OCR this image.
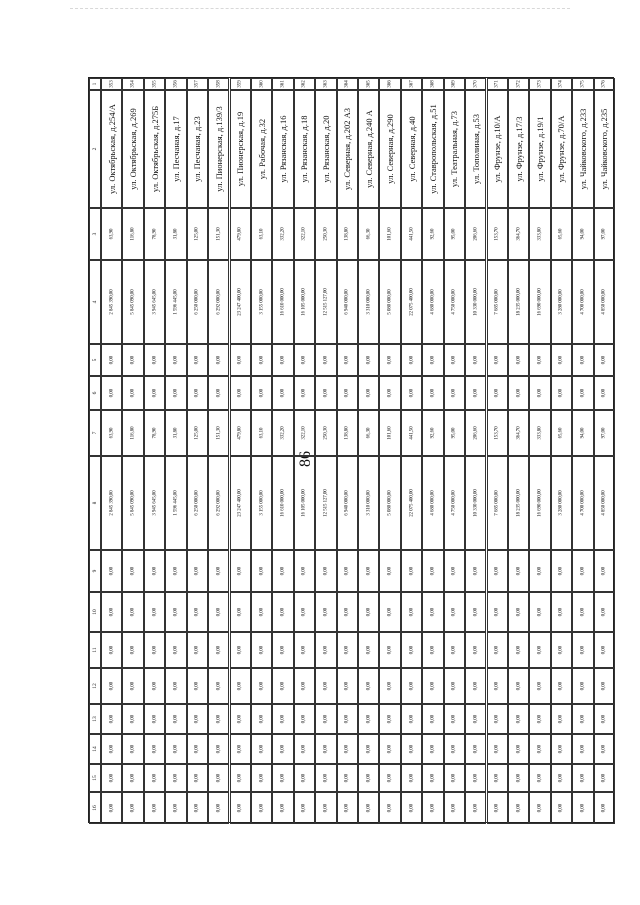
86
1
2
3
4
5
6
7
8
9
10
11
12
13
14
15
16
353
ул. Октябрьская, д.254/А
63,90
2 845 390,00
0,00
0,00
63,90
2 845 390,00
0,00
0,00
0,00
0,00
0,00
0,00
0,00
0,00
354
ул. Октябрьская, д.269
116,80
5 845 090,00
0,00
0,00
116,80
5 845 090,00
0,00
0,00
0,00
0,00
0,00
0,00
0,00
0,00
355
ул. Октябрьская, д.275Б
78,90
3 945 645,00
0,00
0,00
78,90
3 945 645,00
0,00
0,00
0,00
0,00
0,00
0,00
0,00
0,00
356
ул. Песчаная, д.17
31,80
1 596 445,00
0,00
0,00
31,80
1 596 445,00
0,00
0,00
0,00
0,00
0,00
0,00
0,00
0,00
357
ул. Песчаная, д.23
125,00
6 250 000,00
0,00
0,00
125,00
6 250 000,00
0,00
0,00
0,00
0,00
0,00
0,00
0,00
0,00
358
ул. Пионерская, д.139/3
151,30
6 292 000,00
0,00
0,00
151,30
6 292 000,00
0,00
0,00
0,00
0,00
0,00
0,00
0,00
0,00
359
ул. Пионерская, д.19
479,80
23 247 400,00
0,00
0,00
479,80
23 247 400,00
0,00
0,00
0,00
0,00
0,00
0,00
0,00
0,00
360
ул. Рабочая, д.32
63,10
3 155 000,00
0,00
0,00
63,10
3 155 000,00
0,00
0,00
0,00
0,00
0,00
0,00
0,00
0,00
361
ул. Рязанская, д.16
332,20
16 610 000,00
0,00
0,00
332,20
16 610 000,00
0,00
0,00
0,00
0,00
0,00
0,00
0,00
0,00
362
ул. Рязанская, д.18
322,10
16 105 000,00
0,00
0,00
322,10
16 105 000,00
0,00
0,00
0,00
0,00
0,00
0,00
0,00
0,00
363
ул. Рязанская, д.20
250,30
12 515 127,00
0,00
0,00
250,30
12 515 127,00
0,00
0,00
0,00
0,00
0,00
0,00
0,00
0,00
364
ул. Северная, д.202 А3
138,80
6 940 000,00
0,00
0,00
138,80
6 940 000,00
0,00
0,00
0,00
0,00
0,00
0,00
0,00
0,00
365
ул. Северная, д.240 А
66,30
3 310 000,00
0,00
0,00
66,30
3 310 000,00
0,00
0,00
0,00
0,00
0,00
0,00
0,00
0,00
366
ул. Северная, д.290
101,60
5 080 000,00
0,00
0,00
101,60
5 080 000,00
0,00
0,00
0,00
0,00
0,00
0,00
0,00
0,00
367
ул. Северная, д.40
441,50
22 075 400,00
0,00
0,00
441,50
22 075 400,00
0,00
0,00
0,00
0,00
0,00
0,00
0,00
0,00
368
ул. Ставропольская, д.51
92,60
4 680 000,00
0,00
0,00
92,60
4 680 000,00
0,00
0,00
0,00
0,00
0,00
0,00
0,00
0,00
369
ул. Театральная, д.73
95,00
4 750 000,00
0,00
0,00
95,00
4 750 000,00
0,00
0,00
0,00
0,00
0,00
0,00
0,00
0,00
370
ул. Тополиная, д.53
206,60
10 330 000,00
0,00
0,00
206,60
10 330 000,00
0,00
0,00
0,00
0,00
0,00
0,00
0,00
0,00
371
ул. Фрунзе, д.10/А
153,70
7 685 000,00
0,00
0,00
153,70
7 685 000,00
0,00
0,00
0,00
0,00
0,00
0,00
0,00
0,00
372
ул. Фрунзе, д.17/3
364,70
18 235 000,00
0,00
0,00
364,70
18 235 000,00
0,00
0,00
0,00
0,00
0,00
0,00
0,00
0,00
373
ул. Фрунзе, д.19/1
333,80
16 690 000,00
0,00
0,00
333,80
16 690 000,00
0,00
0,00
0,00
0,00
0,00
0,00
0,00
0,00
374
ул. Фрунзе, д.70/А
65,60
3 280 000,00
0,00
0,00
65,60
3 280 000,00
0,00
0,00
0,00
0,00
0,00
0,00
0,00
0,00
375
ул. Чайковского, д.233
94,00
4 700 000,00
0,00
0,00
94,00
4 700 000,00
0,00
0,00
0,00
0,00
0,00
0,00
0,00
0,00
376
ул. Чайковского, д.235
97,00
4 850 000,00
0,00
0,00
97,00
4 850 000,00
0,00
0,00
0,00
0,00
0,00
0,00
0,00
0,00
